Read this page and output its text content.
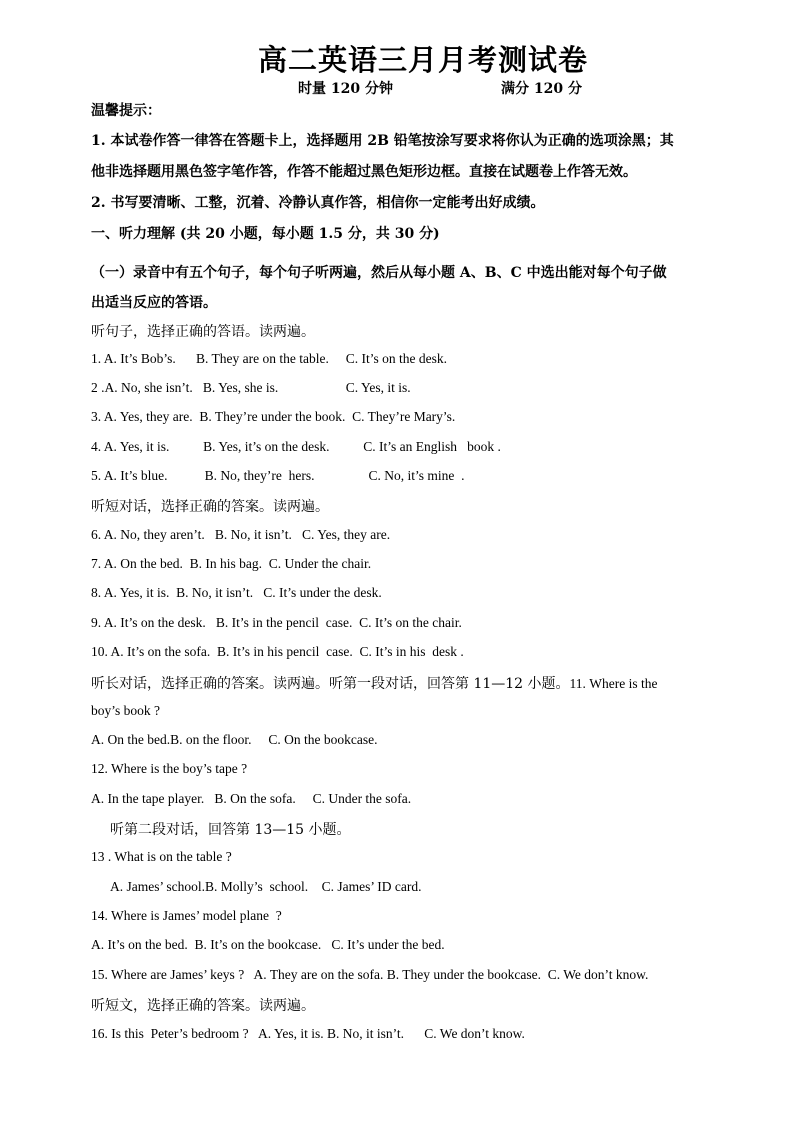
高二英语三月月考测试卷
时量 120 分钟	满分 120 分

温馨提示：

1. 本试卷作答一律答在答题卡上，选择题用 2B 铅笔按涂写要求将你认为正确的选项涂黑；其

他非选择题用黑色签字笔作答，作答不能超过黑色矩形边框。直接在试题卷上作答无效。

2. 书写要清晰、工整，沉着、冷静认真作答，相信你一定能考出好成绩。

一、听力理解 (共 20 小题，每小题 1.5 分，共 30 分)

（一）录音中有五个句子，每个句子听两遍，然后从每小题 A、B、C 中选出能对每个句子做

出适当反应的答语。

听句子，选择正确的答语。读两遍。

1. A. It’s Bob’s.      B. They are on the table.     C. It’s on the desk.

2 .A. No, she isn’t.   B. Yes, she is.                    C. Yes, it is.

3. A. Yes, they are.  B. They’re under the book.  C. They’re Mary’s.

4. A. Yes, it is.          B. Yes, it’s on the desk.          C. It’s an English   book .

5. A. It’s blue.           B. No, they’re  hers.                C. No, it’s mine  .

听短对话，选择正确的答案。读两遍。

6. A. No, they aren’t.   B. No, it isn’t.   C. Yes, they are.

7. A. On the bed.  B. In his bag.  C. Under the chair.

8. A. Yes, it is.  B. No, it isn’t.   C. It’s under the desk.

9. A. It’s on the desk.   B. It’s in the pencil  case.  C. It’s on the chair.

10. A. It’s on the sofa.  B. It’s in his pencil  case.  C. It’s in his  desk .

听长对话，选择正确的答案。读两遍。听第一段对话，回答第 11—12 小题。11. Where is the

boy’s book ?

A. On the bed.B. on the floor.     C. On the bookcase.

12. Where is the boy’s tape ?

A. In the tape player.   B. On the sofa.     C. Under the sofa.

听第二段对话，回答第 13—15 小题。

13 . What is on the table ?

A. James’ school.B. Molly’s  school.    C. James’ ID card.

14. Where is James’ model plane  ?

A. It’s on the bed.  B. It’s on the bookcase.   C. It’s under the bed.

15. Where are James’ keys ?   A. They are on the sofa. B. They under the bookcase.  C. We don’t know.

听短文，选择正确的答案。读两遍。

16. Is this  Peter’s bedroom ?   A. Yes, it is. B. No, it isn’t.      C. We don’t know.
